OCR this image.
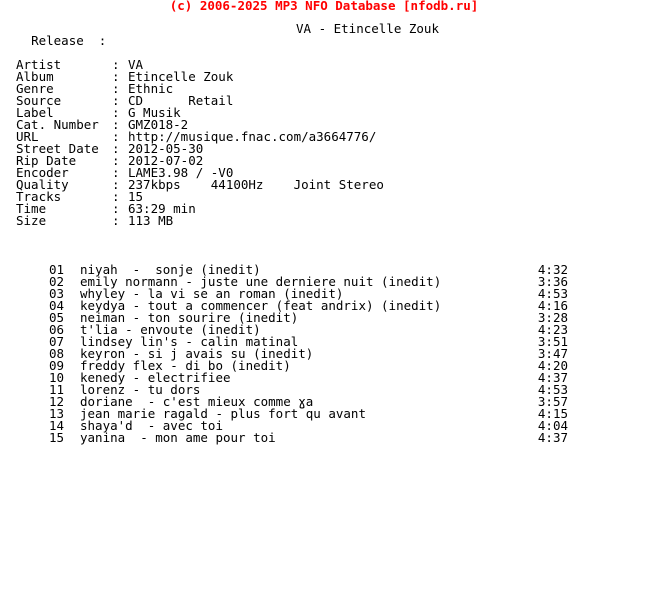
(c) 2006-2025 MP3 NFO Database [nfodb.ru]

Release  :

VA - Etincelle Zouk

Artist	: VA
Album	: Etincelle Zouk
Genre	: Ethnic
Source	: CD      Retail
Label	: G Musik
Cat. Number : GMZ018-2
URL	: http://musique.fnac.com/a3664776/
Street Date : 2012-05-30
Rip Date	: 2012-07-02
Encoder	: LAME3.98 / -V0
Quality	: 237kbps    44100Hz    Joint Stereo
Tracks	: 15
Time	: 63:29 min
Size	: 113 MB
01 niyah  -  sonje (inedit)	4:32
02 emily normann - juste une derniere nuit (inedit)	3:36
03 whyley - la vi se an roman (inedit)	4:53
04 keydya - tout a commencer (feat andrix) (inedit)	4:16
05 neiman - ton sourire (inedit)	3:28
06 t'lia - envoute (inedit)	4:23
07 lindsey lin's - calin matinal	3:51
08 keyron - si j avais su (inedit)	3:47
09 freddy flex - di bo (inedit)	4:20
10 kenedy - electrifiee	4:37
11 lorenz - tu dors	4:53
12 doriane  - c'est mieux comme ɣa	3:57
13 jean marie ragald - plus fort qu avant	4:15
14 shaya'd  - avec toi	4:04
15 yanina  - mon ame pour toi	4:37
